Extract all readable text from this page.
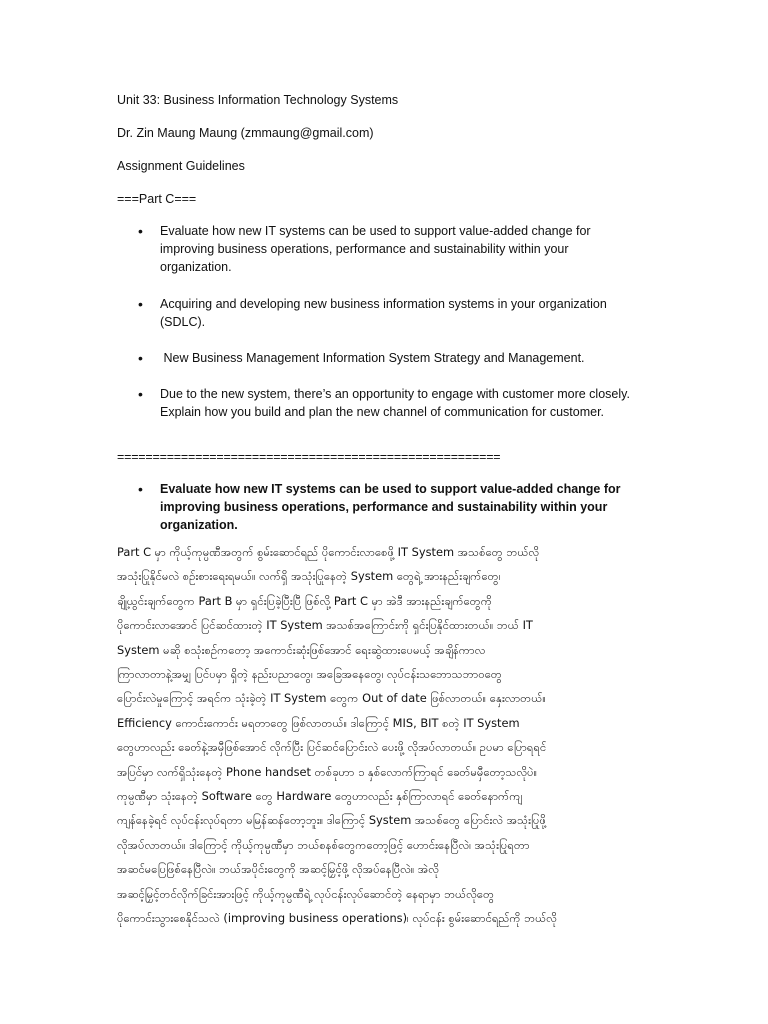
Unit 33: Business Information Technology Systems
Dr. Zin Maung Maung (zmmaung@gmail.com)
Assignment Guidelines
===Part C===
• Evaluate how new IT systems can be used to support value-added change for improving business operations, performance and sustainability within your organization.
• Acquiring and developing new business information systems in your organization (SDLC).
• New Business Management Information System Strategy and Management.
• Due to the new system, there’s an opportunity to engage with customer more closely. Explain how you build and plan the new channel of communication for customer.
======================================================
• Evaluate how new IT systems can be used to support value-added change for improving business operations, performance and sustainability within your organization.
Part C မှာ ကိုယ့်ကုမ္ပဏီအတွက် စွမ်းဆောင်ရည် ပိုကောင်းလာစေဖို့ IT System အသစ်တွေ ဘယ်လို
အသုံးပြုနိုင်မလဲ စဉ်းစားရေးရမယ်။ လက်ရှိ အသုံးပြုနေတဲ့ System တွေရဲ့ အားနည်းချက်တွေ၊
ချို့ယွင်းချက်တွေက Part B မှာ ရှင်းပြခဲ့ပြီးပြီ ဖြစ်လို့ Part C မှာ အဲဒီ အားနည်းချက်တွေကို
ပိုကောင်းလာအောင် ပြင်ဆင်ထားတဲ့ IT System အသစ်အကြောင်းကို ရှင်းပြနိုင်ထားတယ်။ ဘယ် IT
System မဆို စသုံးစဉ်ကတော့ အကောင်းဆုံးဖြစ်အောင် ရေးဆွဲထားပေမယ့် အချိန်ကာလ
ကြာလာတာနဲ့အမျှ ပြင်ပမှာ ရှိတဲ့ နည်းပညာတွေ၊ အခြေအနေတွေ၊ လုပ်ငန်းသဘောသဘာဝတွေ
ပြောင်းလဲမှုကြောင့် အရင်က သုံးခဲ့တဲ့ IT System တွေက Out of date ဖြစ်လာတယ်။ နှေးလာတယ်။
Efficiency ကောင်းကောင်း မရတာတွေ ဖြစ်လာတယ်။ ဒါကြောင့် MIS, BIT စတဲ့ IT System
တွေဟာလည်း ခေတ်နဲ့အမှီဖြစ်အောင် လိုက်ပြီး ပြင်ဆင်ပြောင်းလဲ ပေးဖို့ လိုအပ်လာတယ်။ ဥပမာ ပြောရရင်
အပြင်မှာ လက်ရှိသုံးနေတဲ့ Phone handset တစ်ခုဟာ ၁ နှစ်လောက်ကြာရင် ခေတ်မမှီတော့သလိုပဲ။
ကုမ္ပဏီမှာ သုံးနေတဲ့ Software တွေ Hardware တွေဟာလည်း နှစ်ကြာလာရင် ခေတ်နောက်ကျ
ကျန်နေခဲ့ရင် လုပ်ငန်းလုပ်ရတာ မမြန်ဆန်တော့ဘူး။ ဒါကြောင့် System အသစ်တွေ ပြောင်းလဲ အသုံးပြုဖို့
လိုအပ်လာတယ်။ ဒါကြောင့် ကိုယ့်ကုမ္ပဏီမှာ ဘယ်စနစ်တွေကတော့ဖြင့် ဟောင်းနေပြီလဲ၊ အသုံးပြုရတာ
အဆင်မပြေဖြစ်နေပြီလဲ။ ဘယ်အပိုင်းတွေကို အဆင့်မြှင့်ဖို့ လိုအပ်နေပြီလဲ။ အဲလို
အဆင့်မြှင့်တင်လိုက်ခြင်းအားဖြင့် ကိုယ့်ကုမ္ပဏီရဲ့ လုပ်ငန်းလုပ်ဆောင်တဲ့ နေရာမှာ ဘယ်လိုတွေ
ပိုကောင်းသွားစေနိုင်သလဲ (improving business operations)၊ လုပ်ငန်း စွမ်းဆောင်ရည်ကို ဘယ်လို
